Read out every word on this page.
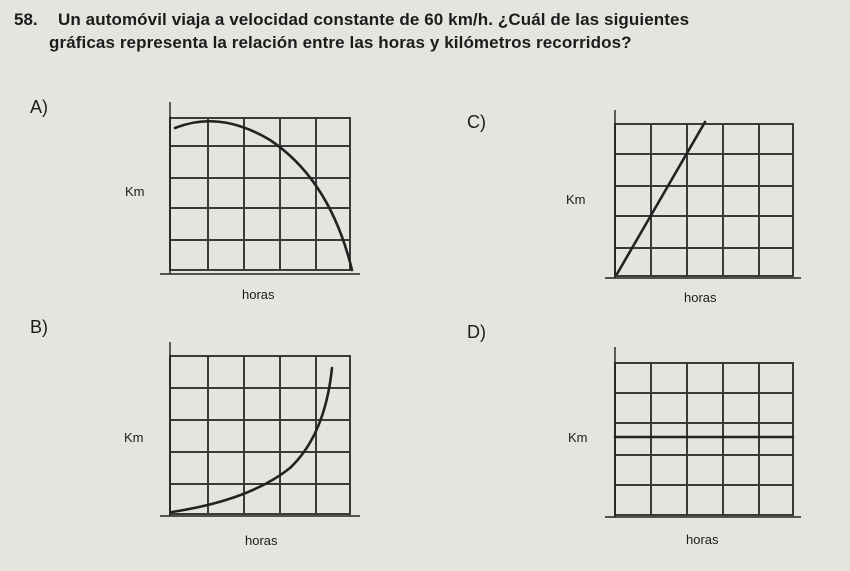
58. Un automóvil viaja a velocidad constante de 60 km/h. ¿Cuál de las siguientes
gráficas representa la relación entre las horas y kilómetros recorridos?
A)
Km
horas
B)
Km
horas
C)
Km
horas
D)
Km
horas
